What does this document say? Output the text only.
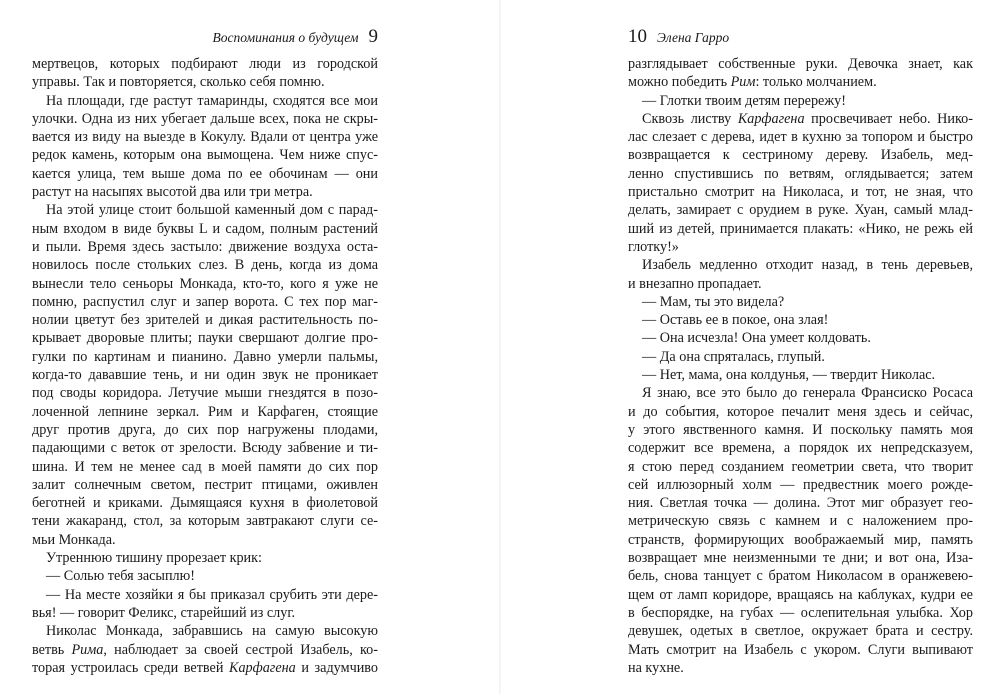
Воспоминания о будущем 9
мертвецов, которых подбирают люди из городской
управы. Так и повторяется, сколько себя помню.
На площади, где растут тамаринды, сходятся все мои
улочки. Одна из них убегает дальше всех, пока не скры-
вается из виду на выезде в Кокулу. Вдали от центра уже
редок камень, которым она вымощена. Чем ниже спус-
кается улица, тем выше дома по ее обочинам — они
растут на насыпях высотой два или три метра.
На этой улице стоит большой каменный дом с парад-
ным входом в виде буквы L и садом, полным растений
и пыли. Время здесь застыло: движение воздуха оста-
новилось после стольких слез. В день, когда из дома
вынесли тело сеньоры Монкада, кто-то, кого я уже не
помню, распустил слуг и запер ворота. С тех пор маг-
нолии цветут без зрителей и дикая растительность по-
крывает дворовые плиты; пауки свершают долгие про-
гулки по картинам и пианино. Давно умерли пальмы,
когда-то дававшие тень, и ни один звук не проникает
под своды коридора. Летучие мыши гнездятся в позо-
лоченной лепнине зеркал. Рим и Карфаген, стоящие
друг против друга, до сих пор нагружены плодами,
падающими с веток от зрелости. Всюду забвение и ти-
шина. И тем не менее сад в моей памяти до сих пор
залит солнечным светом, пестрит птицами, оживлен
беготней и криками. Дымящаяся кухня в фиолетовой
тени жакаранд, стол, за которым завтракают слуги се-
мьи Монкада.
Утреннюю тишину прорезает крик:
— Солью тебя засыплю!
— На месте хозяйки я бы приказал срубить эти дере-
вья! — говорит Феликс, старейший из слуг.
Николас Монкада, забравшись на самую высокую
ветвь Рима, наблюдает за своей сестрой Изабель, ко-
торая устроилась среди ветвей Карфагена и задумчиво
10 Элена Гарро
разглядывает собственные руки. Девочка знает, как
можно победить Рим: только молчанием.
— Глотки твоим детям перережу!
Сквозь листву Карфагена просвечивает небо. Нико-
лас слезает с дерева, идет в кухню за топором и быстро
возвращается к сестриному дереву. Изабель, мед-
ленно спустившись по ветвям, оглядывается; затем
пристально смотрит на Николаса, и тот, не зная, что
делать, замирает с орудием в руке. Хуан, самый млад-
ший из детей, принимается плакать: «Нико, не режь ей
глотку!»
Изабель медленно отходит назад, в тень деревьев,
и внезапно пропадает.
— Мам, ты это видела?
— Оставь ее в покое, она злая!
— Она исчезла! Она умеет колдовать.
— Да она спряталась, глупый.
— Нет, мама, она колдунья, — твердит Николас.
Я знаю, все это было до генерала Франсиско Росаса
и до события, которое печалит меня здесь и сейчас,
у этого явственного камня. И поскольку память моя
содержит все времена, а порядок их непредсказуем,
я стою перед созданием геометрии света, что творит
сей иллюзорный холм — предвестник моего рожде-
ния. Светлая точка — долина. Этот миг образует гео-
метрическую связь с камнем и с наложением про-
странств, формирующих воображаемый мир, память
возвращает мне неизменными те дни; и вот она, Иза-
бель, снова танцует с братом Николасом в оранжевею-
щем от ламп коридоре, вращаясь на каблуках, кудри ее
в беспорядке, на губах — ослепительная улыбка. Хор
девушек, одетых в светлое, окружает брата и сестру.
Мать смотрит на Изабель с укором. Слуги выпивают
на кухне.
